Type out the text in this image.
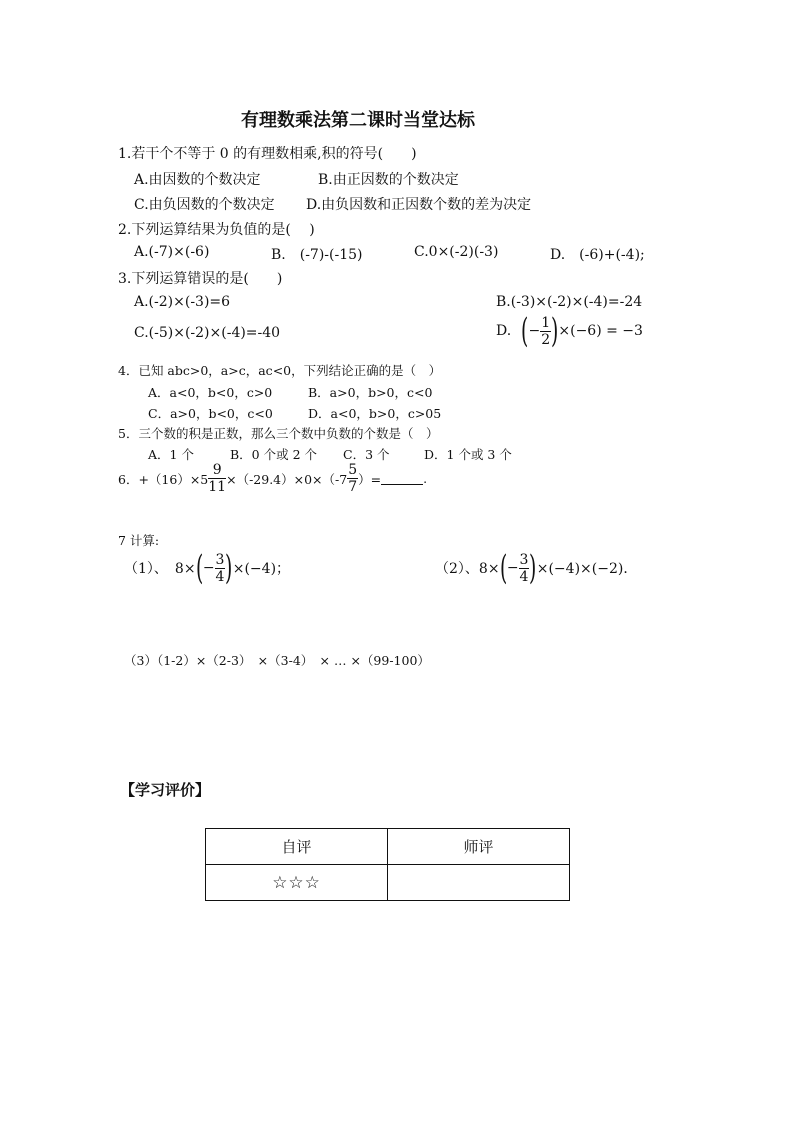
有理数乘法第二课时当堂达标
1.若干个不等于 0 的有理数相乘,积的符号(　　)
A.由因数的个数决定	B.由正因数的个数决定
C.由负因数的个数决定 D.由负因数和正因数个数的差为决定
2.下列运算结果为负值的是(　 )
A.(-7)×(-6)	B.　(-7)-(-15)	C.0×(-2)(-3)	D.　(-6)+(-4);
3.下列运算错误的是(　　)
A.(-2)×(-3)=6	B.(-3)×(-2)×(-4)=-24
C.(-5)×(-2)×(-4)=-40	D. ( − $\frac{1}{2}$ ) ×(−6) = −3
4．已知 abc>0，a>c，ac<0，下列结论正确的是（　）
A．a<0，b<0，c>0	B．a>0，b>0，c<0
C．a>0，b<0，c<0	D．a<0，b>0，c>05
5．三个数的积是正数，那么三个数中负数的个数是（　）
A．1 个	B．0 个或 2 个 C．3 个	D．1 个或 3 个
6．$+(16)\times 5 \frac{9}{11} \times(-29.4)\times 0\times(-7 \frac{5}{7}$ ）=	.
7 计算:
（1）、　8× ( − $\frac{3}{4}$ ) ×(−4)；	（2）、8× ( − $\frac{3}{4}$ ) ×(−4)×(−2)．
（3）（1-2）×（2-3）　×（3-4）　× … ×（99-100）
【学习评价】
自评	师评
☆☆☆	
